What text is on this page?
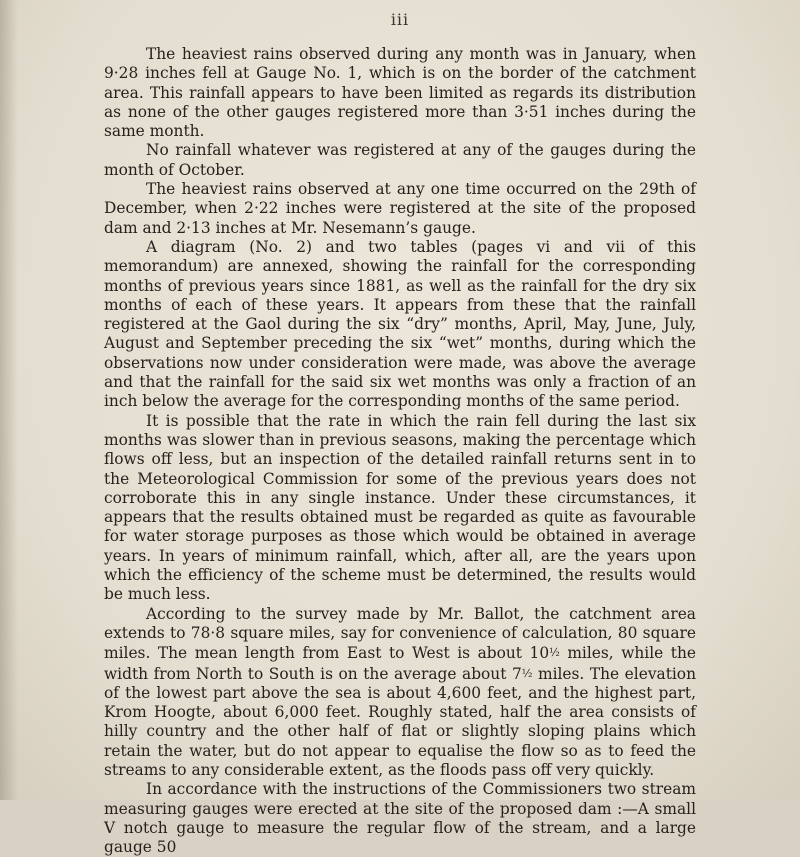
iii

The heaviest rains observed during any month was in January, when 9·28 inches fell at Gauge No. 1, which is on the border of the catchment area. This rainfall appears to have been limited as regards its distribution as none of the other gauges registered more than 3·51 inches during the same month.

No rainfall whatever was registered at any of the gauges during the month of October.

The heaviest rains observed at any one time occurred on the 29th of December, when 2·22 inches were registered at the site of the proposed dam and 2·13 inches at Mr. Nesemann’s gauge.

A diagram (No. 2) and two tables (pages vi and vii of this memorandum) are annexed, showing the rainfall for the corresponding months of previous years since 1881, as well as the rainfall for the dry six months of each of these years. It appears from these that the rainfall registered at the Gaol during the six “dry” months, April, May, June, July, August and September preceding the six “wet” months, during which the observations now under consideration were made, was above the average and that the rainfall for the said six wet months was only a fraction of an inch below the average for the corresponding months of the same period.

It is possible that the rate in which the rain fell during the last six months was slower than in previous seasons, making the percentage which flows off less, but an inspection of the detailed rainfall returns sent in to the Meteorological Commission for some of the previous years does not corroborate this in any single instance. Under these circumstances, it appears that the results obtained must be regarded as quite as favourable for water storage purposes as those which would be obtained in average years. In years of minimum rainfall, which, after all, are the years upon which the efficiency of the scheme must be determined, the results would be much less.

According to the survey made by Mr. Ballot, the catchment area extends to 78·8 square miles, say for convenience of calculation, 80 square miles. The mean length from East to West is about 10½ miles, while the width from North to South is on the average about 7½ miles. The elevation of the lowest part above the sea is about 4,600 feet, and the highest part, Krom Hoogte, about 6,000 feet. Roughly stated, half the area consists of hilly country and the other half of flat or slightly sloping plains which retain the water, but do not appear to equalise the flow so as to feed the streams to any considerable extent, as the floods pass off very quickly.

In accordance with the instructions of the Commissioners two stream measuring gauges were erected at the site of the proposed dam :—A small V notch gauge to measure the regular flow of the stream, and a large gauge 50
